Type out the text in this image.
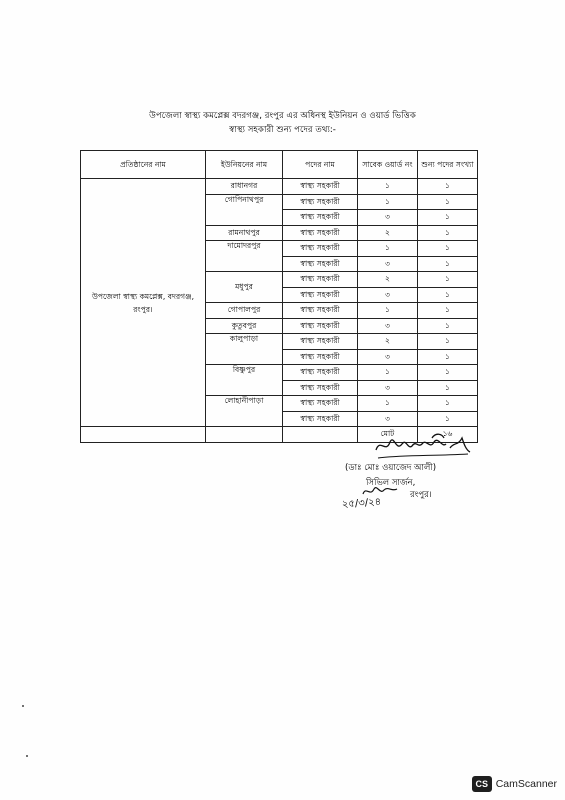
উপজেলা স্বাস্থ্য কমপ্লেক্স বদরগঞ্জ, রংপুর এর অধিনস্থ ইউনিয়ন ও ওয়ার্ড ভিত্তিক
স্বাস্থ্য সহকারী শুন্য পদের তথ্য:-
প্রতিষ্ঠানের নাম	ইউনিয়নের নাম	পদের নাম	সাবেক ওয়ার্ড নং	শুন্য পদের সংখ্যা
উপজেলা স্বাস্থ্য কমপ্লেক্স, বদরগঞ্জ, রংপুর।	রাধানগর	স্বাস্থ্য সহকারী	১	১
	গোপিনাথপুর	স্বাস্থ্য সহকারী	১	১
		স্বাস্থ্য সহকারী	৩	১
	রামনাথপুর	স্বাস্থ্য সহকারী	২	১
	দামোদরপুর	স্বাস্থ্য সহকারী	১	১
		স্বাস্থ্য সহকারী	৩	১
	মধুপুর	স্বাস্থ্য সহকারী	২	১
		স্বাস্থ্য সহকারী	৩	১
	গোপালপুর	স্বাস্থ্য সহকারী	১	১
	কুতুবপুর	স্বাস্থ্য সহকারী	৩	১
	কালুপাড়া	স্বাস্থ্য সহকারী	২	১
		স্বাস্থ্য সহকারী	৩	১
	বিষ্ণুপুর	স্বাস্থ্য সহকারী	১	১
		স্বাস্থ্য সহকারী	৩	১
	লোহানীপাড়া	স্বাস্থ্য সহকারী	১	১
		স্বাস্থ্য সহকারী	৩	১
			মোট	১৬
(ডাঃ মোঃ ওয়াজেদ আলী)
সিভিল সার্জন,
২৫/৩/২৪
রংপুর।
CS CamScanner
